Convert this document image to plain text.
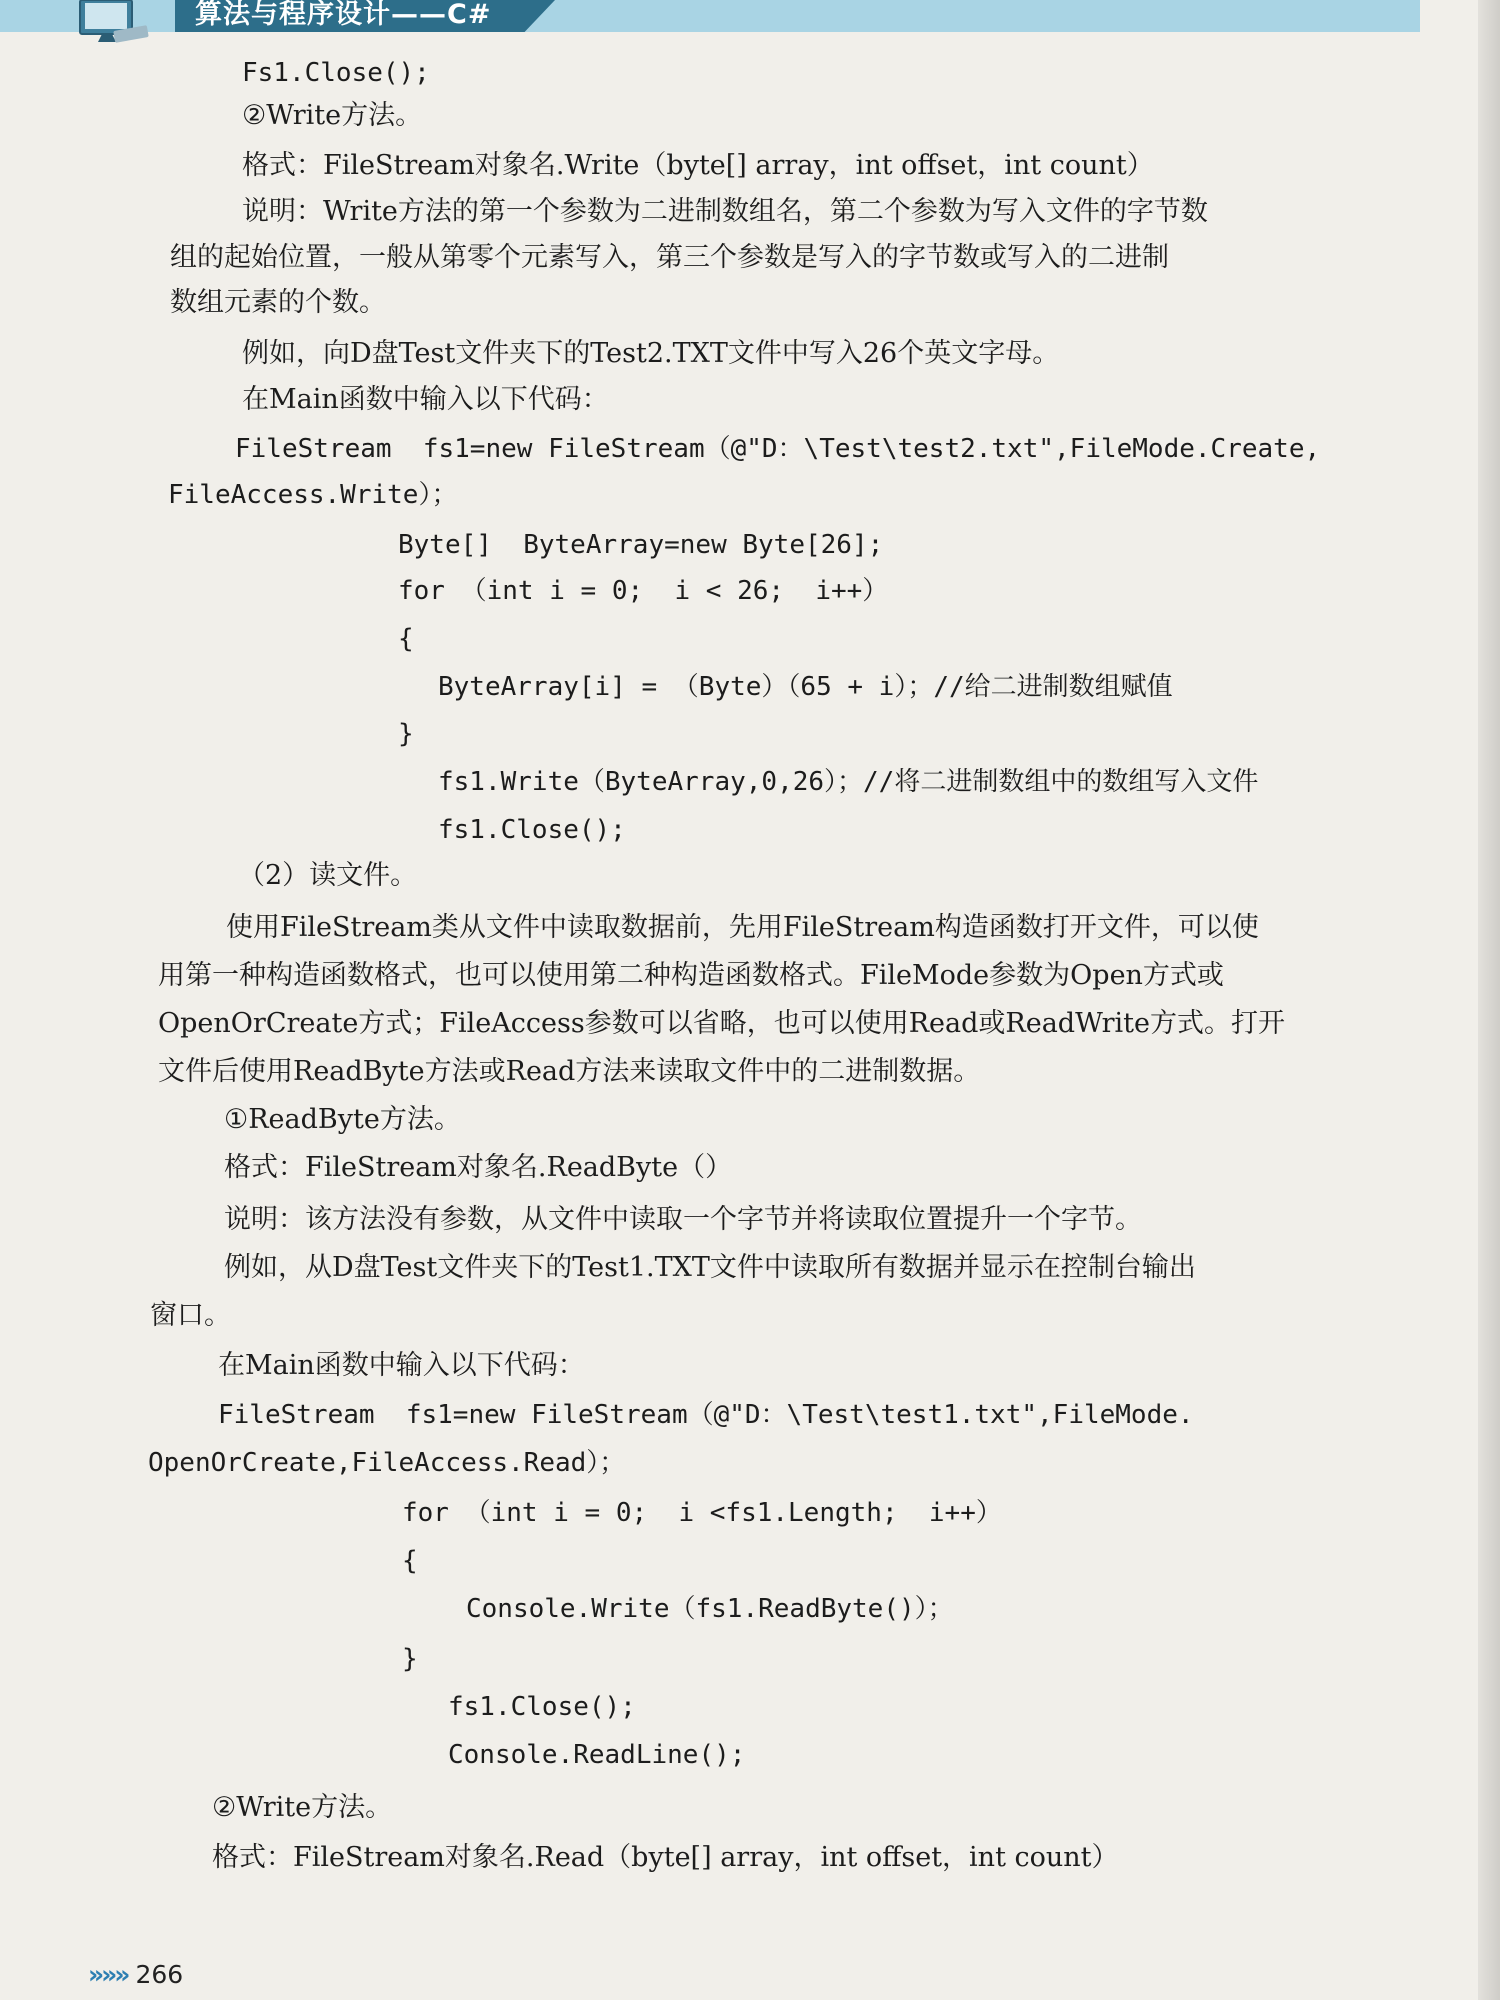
算法与程序设计——C#
Fs1.Close();
②Write方法。
格式：FileStream对象名.Write（byte[] array，int offset，int count）
说明：Write方法的第一个参数为二进制数组名，第二个参数为写入文件的字节数
组的起始位置，一般从第零个元素写入，第三个参数是写入的字节数或写入的二进制
数组元素的个数。
例如，向D盘Test文件夹下的Test2.TXT文件中写入26个英文字母。
在Main函数中输入以下代码：
FileStream  fs1=new FileStream（@"D：\Test\test2.txt",FileMode.Create,
FileAccess.Write）；
Byte[]  ByteArray=new Byte[26];
for （int i = 0;  i < 26;  i++）
{
ByteArray[i] = （Byte）（65 + i）；//给二进制数组赋值
}
fs1.Write（ByteArray,0,26）；//将二进制数组中的数组写入文件
fs1.Close();
（2）读文件。
使用FileStream类从文件中读取数据前，先用FileStream构造函数打开文件，可以使
用第一种构造函数格式，也可以使用第二种构造函数格式。FileMode参数为Open方式或
OpenOrCreate方式；FileAccess参数可以省略，也可以使用Read或ReadWrite方式。打开
文件后使用ReadByte方法或Read方法来读取文件中的二进制数据。
①ReadByte方法。
格式：FileStream对象名.ReadByte（）
说明：该方法没有参数，从文件中读取一个字节并将读取位置提升一个字节。
例如，从D盘Test文件夹下的Test1.TXT文件中读取所有数据并显示在控制台输出
窗口。
在Main函数中输入以下代码：
FileStream  fs1=new FileStream（@"D：\Test\test1.txt",FileMode.
OpenOrCreate,FileAccess.Read）；
for （int i = 0;  i <fs1.Length;  i++）
{
Console.Write（fs1.ReadByte()）；
}
fs1.Close();
Console.ReadLine();
②Write方法。
格式：FileStream对象名.Read（byte[] array，int offset，int count）
»»» 266
